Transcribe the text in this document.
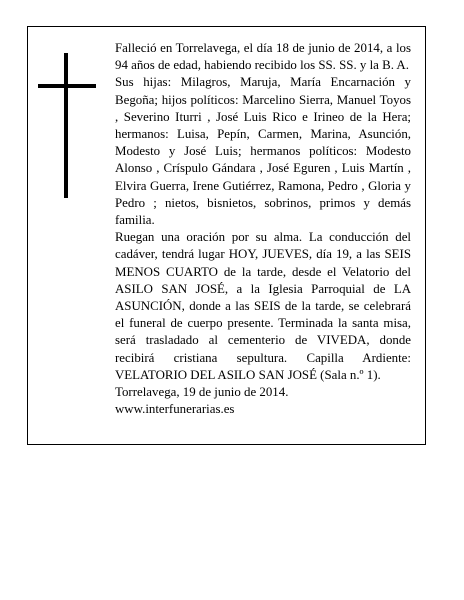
Falleció en Torrelavega, el día 18 de junio de 2014, a los 94 años de edad, habiendo recibido los SS. SS. y la B. A.

Sus hijas: Milagros, Maruja, María Encarnación y Begoña; hijos políticos: Marcelino Sierra, Manuel Toyos , Severino Iturri , José Luis Rico e Irineo de la Hera; hermanos: Luisa, Pepín, Carmen, Marina, Asunción, Modesto y José Luis; hermanos políticos: Modesto Alonso , Críspulo Gándara , José Eguren , Luis Martín , Elvira Guerra, Irene Gutiérrez, Ramona, Pedro , Gloria y Pedro ; nietos, bisnietos, sobrinos, primos y demás familia.

Ruegan una oración por su alma. La conducción del cadáver, tendrá lugar HOY, JUEVES, día 19, a las SEIS MENOS CUARTO de la tarde, desde el Velatorio del ASILO SAN JOSÉ, a la Iglesia Parroquial de LA ASUNCIÓN, donde a las SEIS de la tarde, se celebrará el funeral de cuerpo presente. Terminada la santa misa, será trasladado al cementerio de VIVEDA, donde recibirá cristiana sepultura. Capilla Ardiente: VELATORIO DEL ASILO SAN JOSÉ (Sala n.º 1).

Torrelavega, 19 de junio de 2014.

www.interfunerarias.es
